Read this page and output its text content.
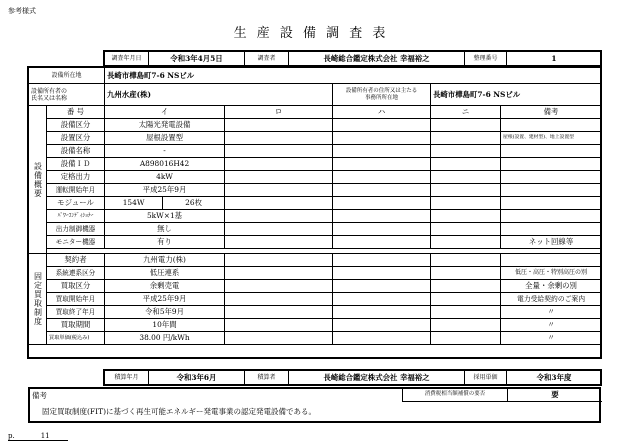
参考様式
生 産 設 備 調 査 表
調査年月日	令和3年4月5日	調査者	長崎総合鑑定株式会社 幸福裕之	整理番号	1
設備所在地		長崎市樺島町7-6 NSビル				
設備所有者の
氏名又は名称		九州水産(株)		設備所有者の住所又は主たる
事務所所在地	長崎市樺島町7-6 NSビル	
設備概要	番 号	イ	ロ	ハ	ニ	備考
	設備区分	太陽光発電設備				
	設置区分	屋根設置型				屋根(設置、建材型)、地上設置型
	設備名称	-				
	設備ＩＤ	A898016H42				
	定格出力	4kW				
	運転開始年月	平成25年9月				
	モジュール	154W 26枚				

	ﾊﾟﾜｰｺﾝﾃﾞｨｼｮﾅｰ	5kW×1基				
	出力制御機器	無し				
	モニター機器	有り				ネット回線等

固定買取制度	契約者	九州電力(株)				
	系統連系区分	低圧連系				低圧・高圧・特別高圧の別
	買取区分	余剰売電				全量・余剰の別
	買取開始年月	平成25年9月				電力受給契約のご案内
	買取終了年月	令和5年9月				〃
	買取期間	10年間				〃
	買取単価(税込み)	38.00 円/kWh				〃
積算年月	令和3年6月	積算者	長崎総合鑑定株式会社 幸福裕之	採用単価	令和3年度
備考	消費税相当額補償の要否	要
固定買取制度(FIT)に基づく再生可能エネルギー発電事業の認定発電設備である。
p.	11
